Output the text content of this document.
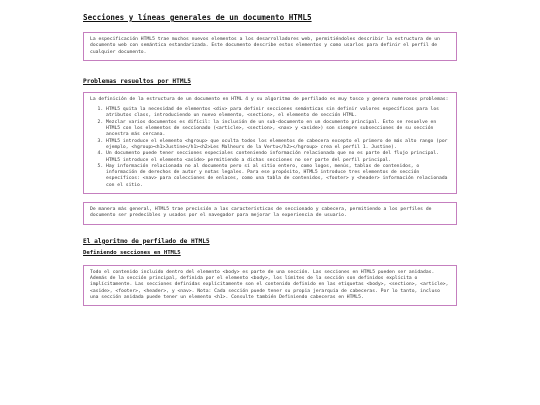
Secciones y líneas generales de un documento HTML5

La especificación HTML5 trae muchos nuevos elementos a los desarrolladores web, permitiéndoles describir la estructura de un documento web con semántica estandarizada. Este documento describe estos elementos y como usarlos para definir el perfil de cualquier documento.

Problemas resueltos por HTML5

La definición de la estructura de un documento en HTML 4 y su algoritmo de perfilado es muy tosco y genera numerosos problemas:

1. HTML5 quita la necesidad de elementos <div> para definir secciones semánticas sin definir valores específicos para los atributos class, introduciendo un nuevo elemento, <section>, el elemento de sección HTML.
2. Mezclar varios documentos es difícil: la inclusión de un sub-documento en un documento principal. Esto se resuelve en HTML5 con los elementos de seccionado (<article>, <section>, <nav> y <aside>) son siempre subsecciones de su sección ancestra más cercana.
3. HTML5 introduce el elemento <hgroup> que oculta todos los elementos de cabecera excepto el primero de más alto rango (por ejemplo, <hgroup><h1>Justine</h1><h2>Les Malheurs de la Vertu</h2></hgroup> crea el perfil 1. Justine).
4. Un documento puede tener secciones especiales conteniendo información relacionada que no es parte del flujo principal. HTML5 introduce el elemento <aside> permitiendo a dichas secciones no ser parte del perfil principal.
5. Hay información relacionada no al documento pero sí al sitio entero, como logos, menús, tablas de contenidos, o información de derechos de autor y notas legales. Para ese propósito, HTML5 introduce tres elementos de sección específicos: <nav> para colecciones de enlaces, como una tabla de contenidos, <footer> y <header> información relacionada con el sitio.

De manera más general, HTML5 trae precisión a las características de seccionado y cabecera, permitiendo a los perfiles de documento ser predecibles y usados por el navegador para mejorar la experiencia de usuario.

El algoritmo de perfilado de HTML5
Definiendo secciones en HTML5

Todo el contenido incluido dentro del elemento <body> es parte de una sección. Las secciones en HTML5 pueden ser anidadas. Además de la sección principal, definida por el elemento <body>, los límites de la sección son definidos explícita o implícitamente. Las secciones definidas explícitamente son el contenido definido en las etiquetas <body>, <section>, <article>, <aside>, <footer>, <header>, y <nav>. Nota: Cada sección puede tener su propia jerarquía de cabeceras. Por lo tanto, incluso una sección anidada puede tener un elemento <h1>. Consulte también Definiendo cabeceras en HTML5.
